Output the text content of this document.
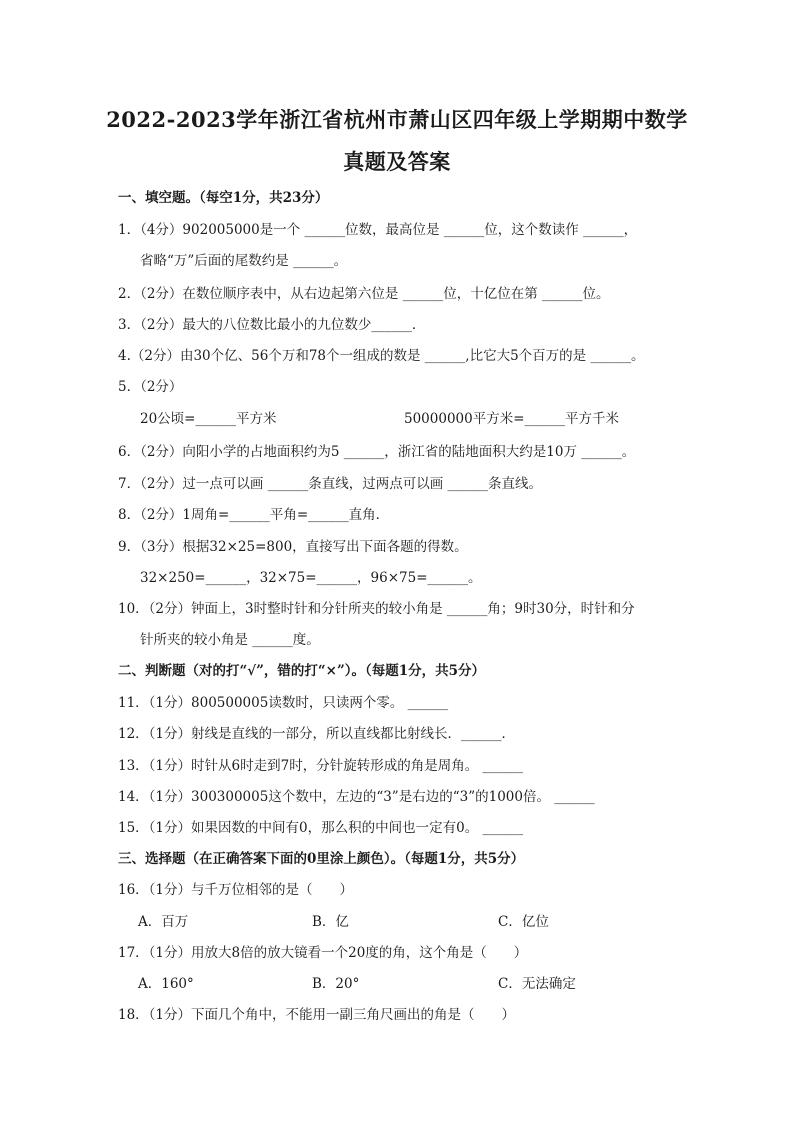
2022-2023学年浙江省杭州市萧山区四年级上学期期中数学
真题及答案
一、填空题。（每空1分，共23分）
1．（4分）902005000是一个 ______位数，最高位是 ______位，这个数读作 ______，
省略“万”后面的尾数约是 ______。
2．（2分）在数位顺序表中，从右边起第六位是 ______位，十亿位在第 ______位。
3．（2分）最大的八位数比最小的九位数少______．
4.（2分）由30个亿、56个万和78个一组成的数是 ______,比它大5个百万的是 ______。
5．（2分）
20公顷=______平方米	50000000平方米=______平方千米
6．（2分）向阳小学的占地面积约为5 ______，浙江省的陆地面积大约是10万 ______。
7．（2分）过一点可以画 ______条直线，过两点可以画 ______条直线。
8．（2分）1周角=______平角=______直角．
9．（3分）根据32×25=800，直接写出下面各题的得数。
32×250=______，32×75=______，96×75=______。
10．（2分）钟面上，3时整时针和分针所夹的较小角是 ______角；9时30分，时针和分
针所夹的较小角是 ______度。
二、判断题（对的打“√”，错的打“×”）。（每题1分，共5分）
11．（1分）800500005读数时，只读两个零。 ______
12．（1分）射线是直线的一部分，所以直线都比射线长．______．
13．（1分）时针从6时走到7时，分针旋转形成的角是周角。 ______
14．（1分）300300005这个数中，左边的“3”是右边的“3”的1000倍。 ______
15．（1分）如果因数的中间有0，那么积的中间也一定有0。 ______
三、选择题（在正确答案下面的0里涂上颜色）。（每题1分，共5分）
16．（1分）与千万位相邻的是（　　）
A．百万	B．亿	C．亿位
17．（1分）用放大8倍的放大镜看一个20度的角，这个角是（　　）
A．160°	B．20°	C．无法确定
18．（1分）下面几个角中，不能用一副三角尺画出的角是（　　）
